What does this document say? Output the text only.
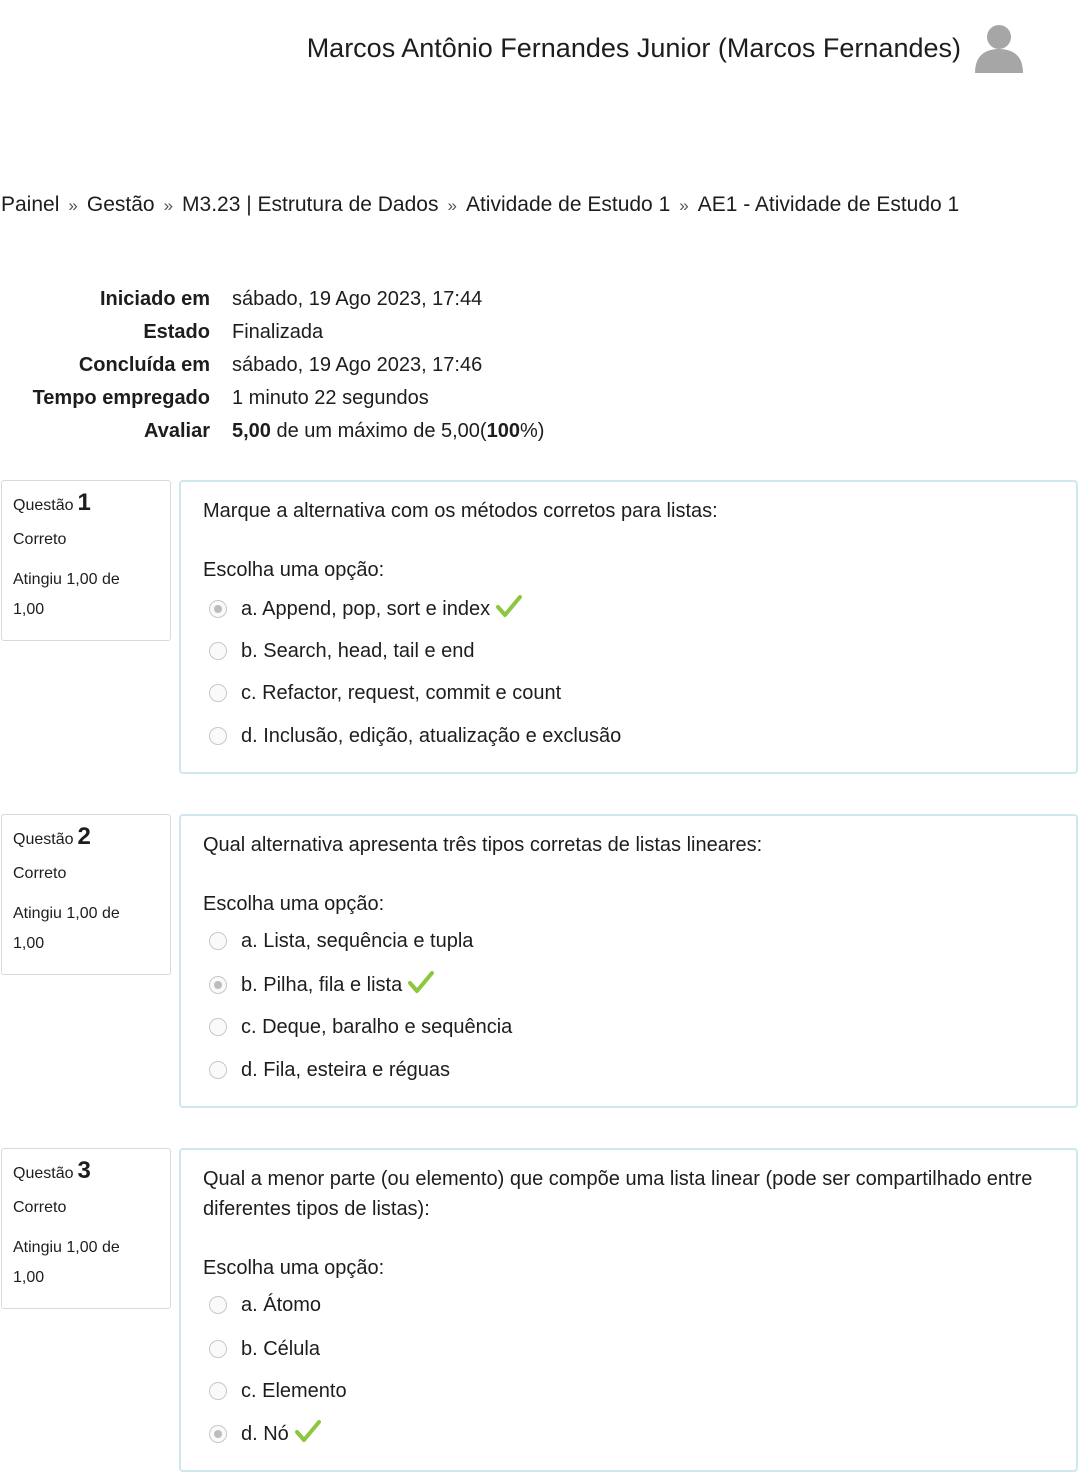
Marcos Antônio Fernandes Junior (Marcos Fernandes)
Painel » Gestão » M3.23 | Estrutura de Dados » Atividade de Estudo 1 » AE1 - Atividade de Estudo 1
Iniciado em	sábado, 19 Ago 2023, 17:44
Estado	Finalizada
Concluída em	sábado, 19 Ago 2023, 17:46
Tempo empregado	1 minuto 22 segundos
Avaliar	5,00 de um máximo de 5,00(100%)
Questão 1
Correto
Atingiu 1,00 de 1,00
Marque a alternativa com os métodos corretos para listas:
Escolha uma opção:
a. Append, pop, sort e index
b. Search, head, tail e end
c. Refactor, request, commit e count
d. Inclusão, edição, atualização e exclusão
Questão 2
Correto
Atingiu 1,00 de 1,00
Qual alternativa apresenta três tipos corretas de listas lineares:
Escolha uma opção:
a. Lista, sequência e tupla
b. Pilha, fila e lista
c. Deque, baralho e sequência
d. Fila, esteira e réguas
Questão 3
Correto
Atingiu 1,00 de 1,00
Qual a menor parte (ou elemento) que compõe uma lista linear (pode ser compartilhado entre diferentes tipos de listas):
Escolha uma opção:
a. Átomo
b. Célula
c. Elemento
d. Nó
